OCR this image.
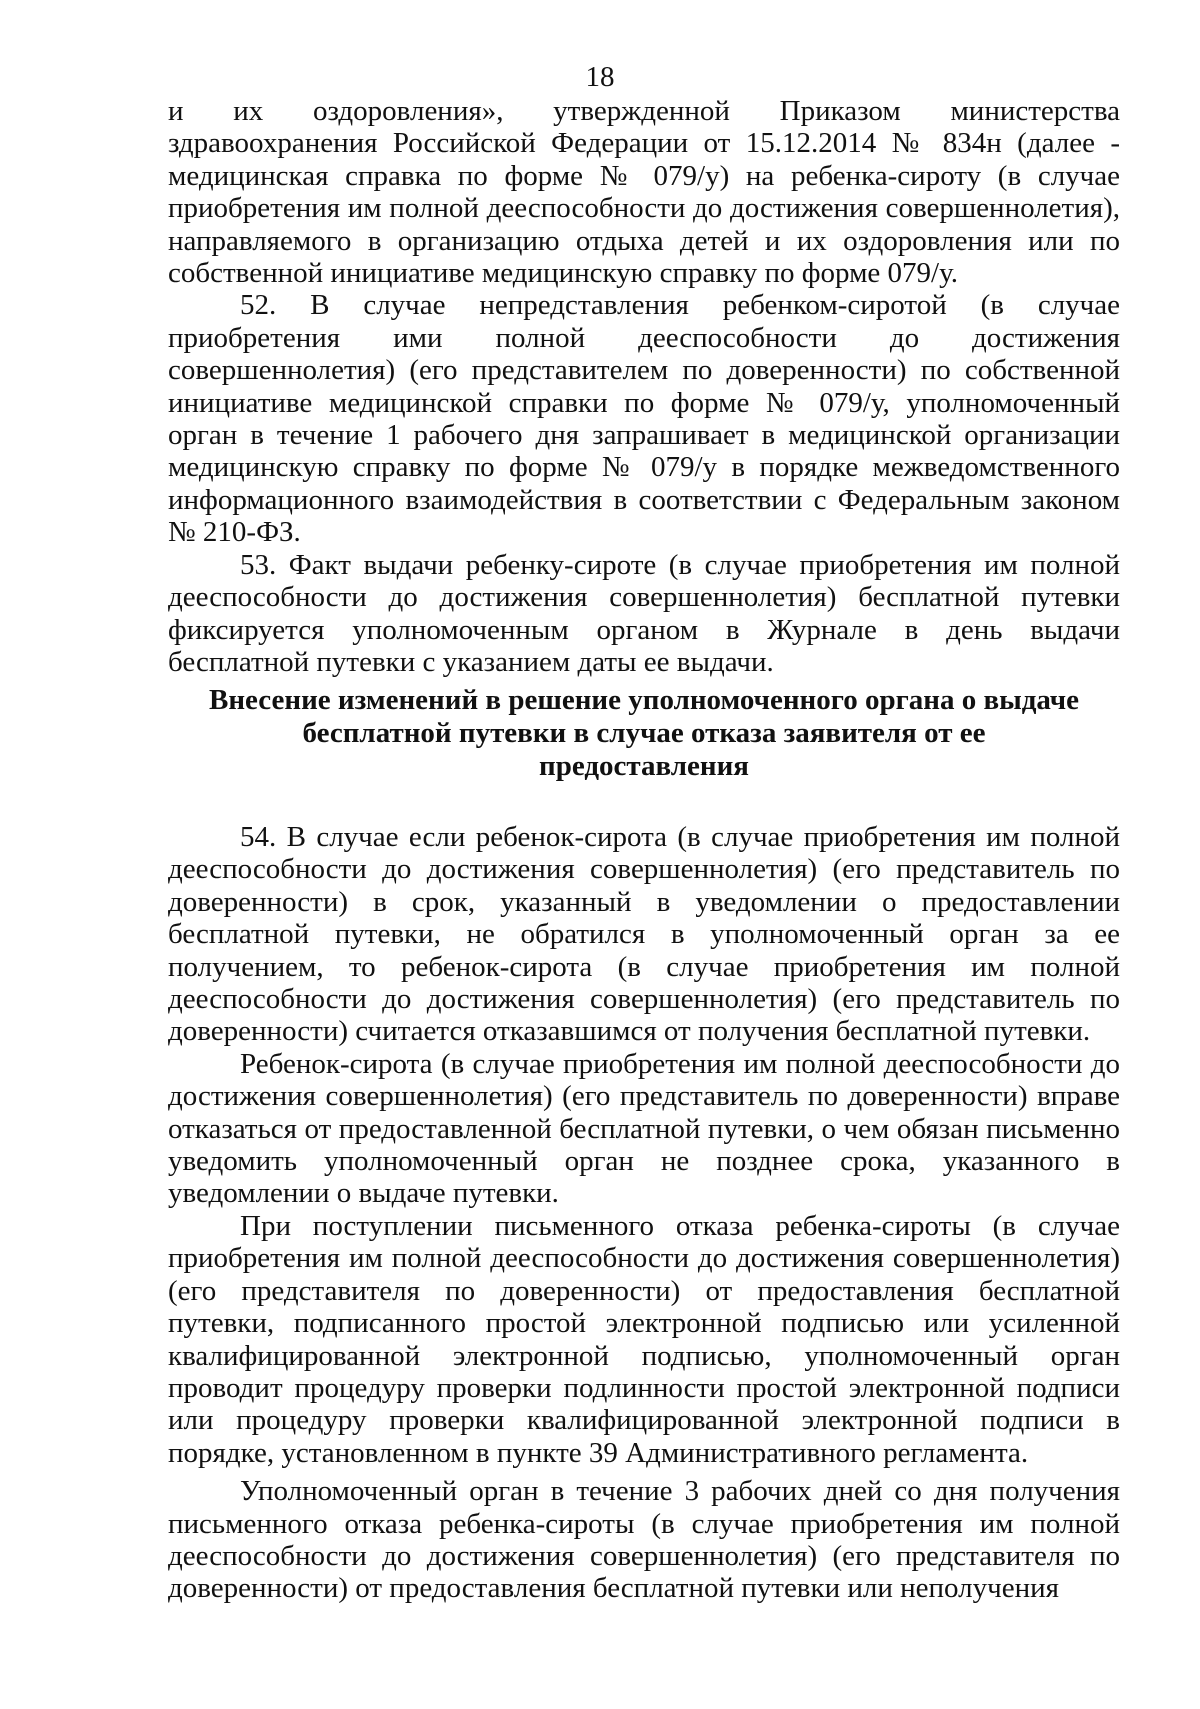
18

и их оздоровления», утвержденной Приказом министерства здравоохранения Российской Федерации от 15.12.2014 № 834н (далее - медицинская справка по форме № 079/у) на ребенка-сироту (в случае приобретения им полной дееспособности до достижения совершеннолетия), направляемого в организацию отдыха детей и их оздоровления или по собственной инициативе медицинскую справку по форме 079/у.

52. В случае непредставления ребенком-сиротой (в случае приобретения ими полной дееспособности до достижения совершеннолетия) (его представителем по доверенности) по собственной инициативе медицинской справки по форме № 079/у, уполномоченный орган в течение 1 рабочего дня запрашивает в медицинской организации медицинскую справку по форме № 079/у в порядке межведомственного информационного взаимодействия в соответствии с Федеральным законом № 210-ФЗ.

53. Факт выдачи ребенку-сироте (в случае приобретения им полной дееспособности до достижения совершеннолетия) бесплатной путевки фиксируется уполномоченным органом в Журнале в день выдачи бесплатной путевки с указанием даты ее выдачи.

Внесение изменений в решение уполномоченного органа о выдаче
бесплатной путевки в случае отказа заявителя от ее
предоставления

54. В случае если ребенок-сирота (в случае приобретения им полной дееспособности до достижения совершеннолетия) (его представитель по доверенности) в срок, указанный в уведомлении о предоставлении бесплатной путевки, не обратился в уполномоченный орган за ее получением, то ребенок-сирота (в случае приобретения им полной дееспособности до достижения совершеннолетия) (его представитель по доверенности) считается отказавшимся от получения бесплатной путевки.

Ребенок-сирота (в случае приобретения им полной дееспособности до достижения совершеннолетия) (его представитель по доверенности) вправе отказаться от предоставленной бесплатной путевки, о чем обязан письменно уведомить уполномоченный орган не позднее срока, указанного в уведомлении о выдаче путевки.

При поступлении письменного отказа ребенка-сироты (в случае приобретения им полной дееспособности до достижения совершеннолетия) (его представителя по доверенности) от предоставления бесплатной путевки, подписанного простой электронной подписью или усиленной квалифицированной электронной подписью, уполномоченный орган проводит процедуру проверки подлинности простой электронной подписи или процедуру проверки квалифицированной электронной подписи в порядке, установленном в пункте 39 Административного регламента.

Уполномоченный орган в течение 3 рабочих дней со дня получения письменного отказа ребенка-сироты (в случае приобретения им полной дееспособности до достижения совершеннолетия) (его представителя по доверенности) от предоставления бесплатной путевки или неполучения
